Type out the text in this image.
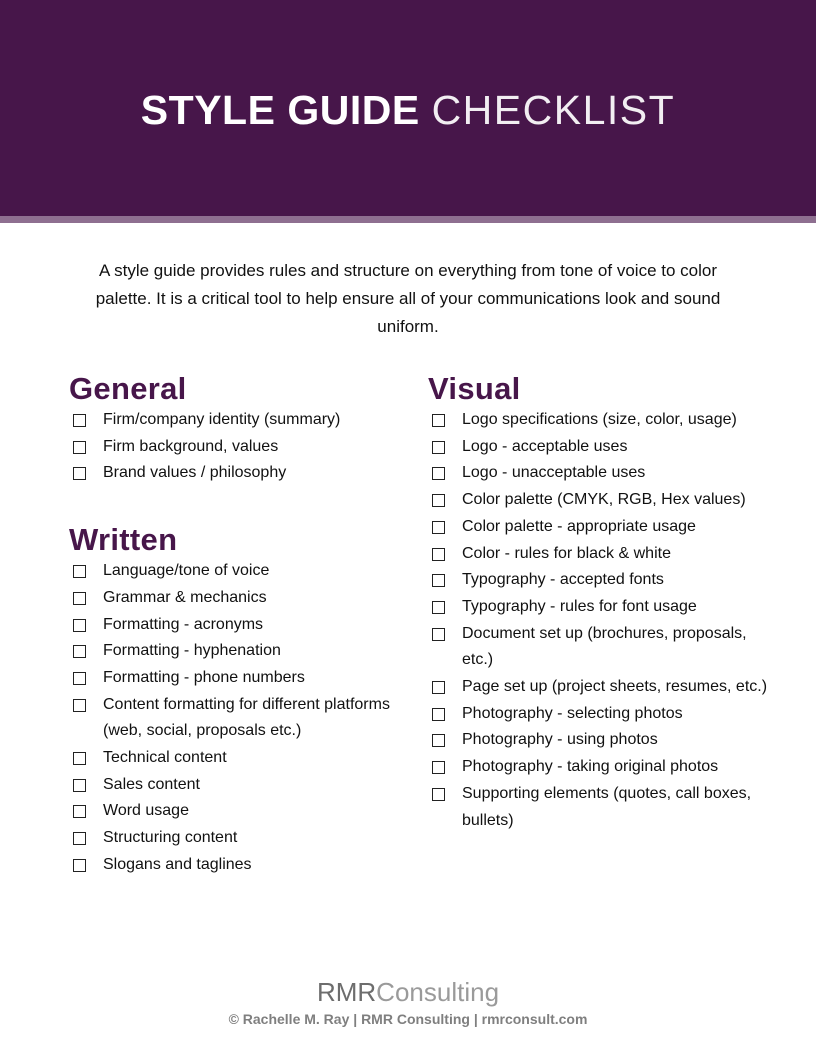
STYLE GUIDE CHECKLIST

A style guide provides rules and structure on everything from tone of voice to color palette. It is a critical tool to help ensure all of your communications look and sound uniform.

General
Firm/company identity (summary)
Firm background, values
Brand values / philosophy
Written
Language/tone of voice
Grammar & mechanics
Formatting - acronyms
Formatting - hyphenation
Formatting - phone numbers
Content formatting for different platforms (web, social, proposals etc.)
Technical content
Sales content
Word usage
Structuring content
Slogans and taglines
Visual
Logo specifications (size, color, usage)
Logo - acceptable uses
Logo - unacceptable uses
Color palette (CMYK, RGB, Hex values)
Color palette - appropriate usage
Color - rules for black & white
Typography - accepted fonts
Typography - rules for font usage
Document set up (brochures, proposals, etc.)
Page set up (project sheets, resumes, etc.)
Photography - selecting photos
Photography - using photos
Photography - taking original photos
Supporting elements (quotes, call boxes, bullets)
RMRConsulting
© Rachelle M. Ray | RMR Consulting | rmrconsult.com
